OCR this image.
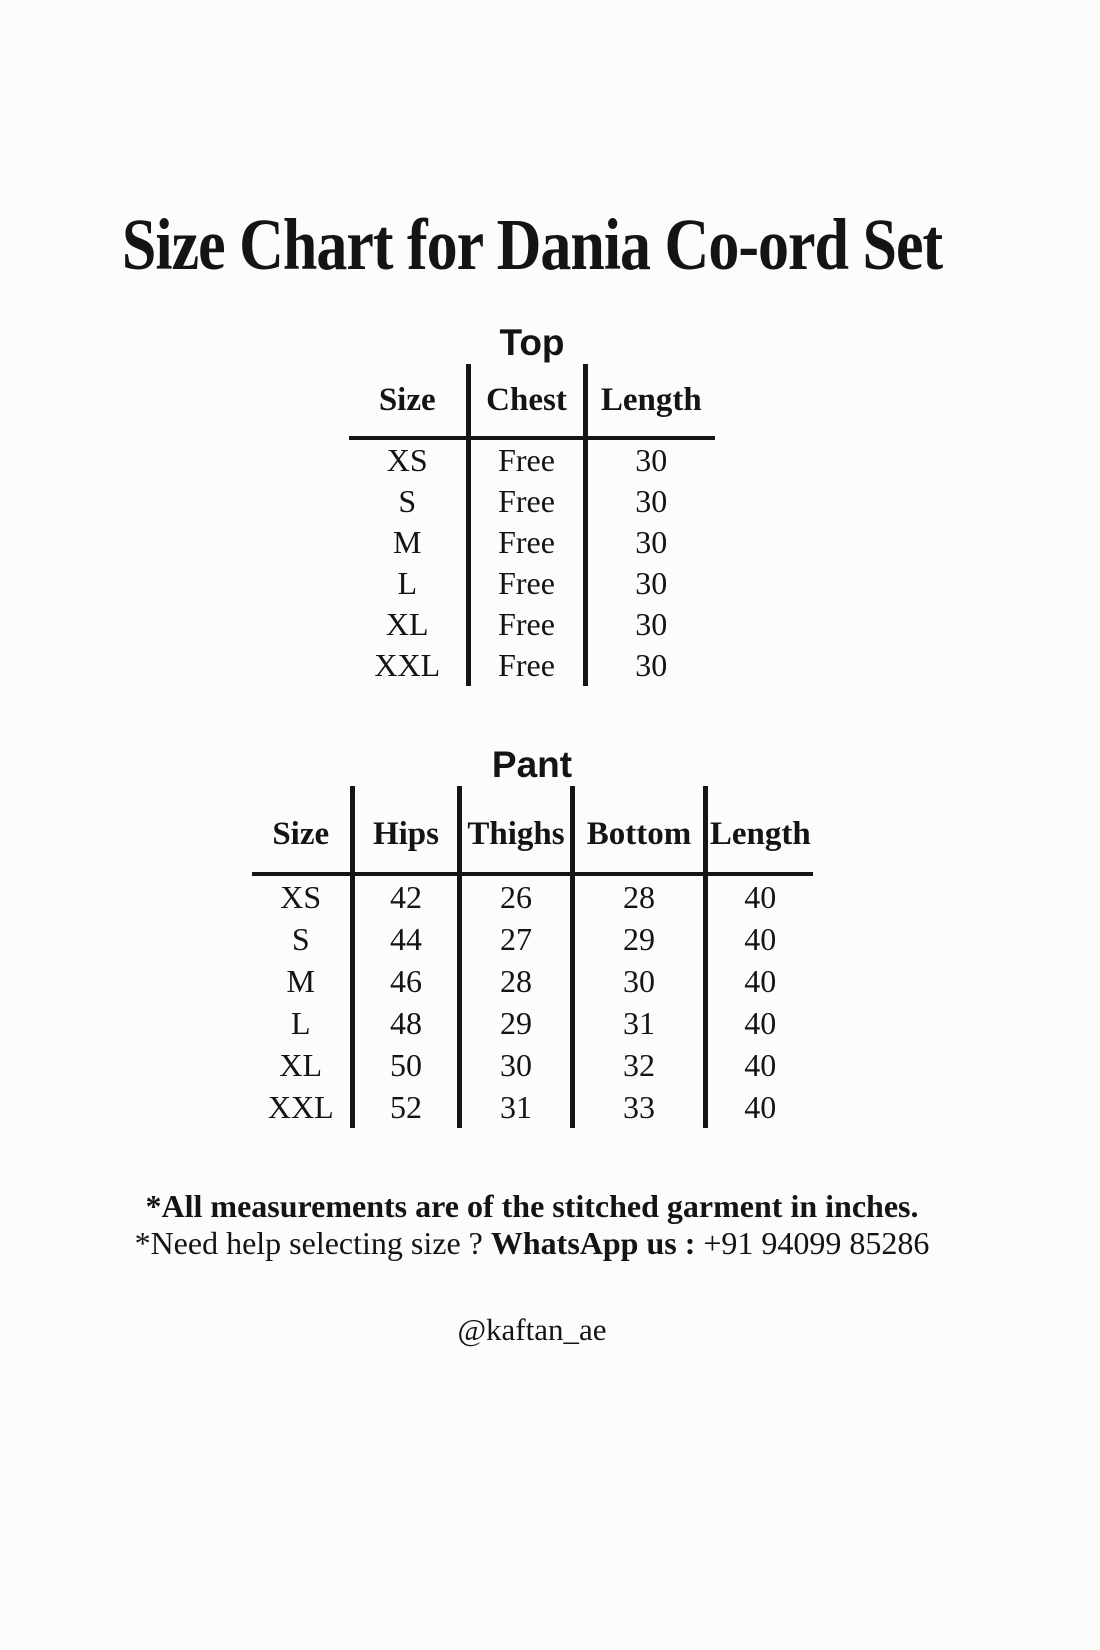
Size Chart for Dania Co-ord Set
Top
Size	Chest	Length
XS	Free	30
S	Free	30
M	Free	30
L	Free	30
XL	Free	30
XXL	Free	30
Pant
Size	Hips	Thighs	Bottom	Length
XS	42	26	28	40
S	44	27	29	40
M	46	28	30	40
L	48	29	31	40
XL	50	30	32	40
XXL	52	31	33	40

*All measurements are of the stitched garment in inches.

*Need help selecting size ? WhatsApp us : +91 94099 85286

@kaftan_ae
